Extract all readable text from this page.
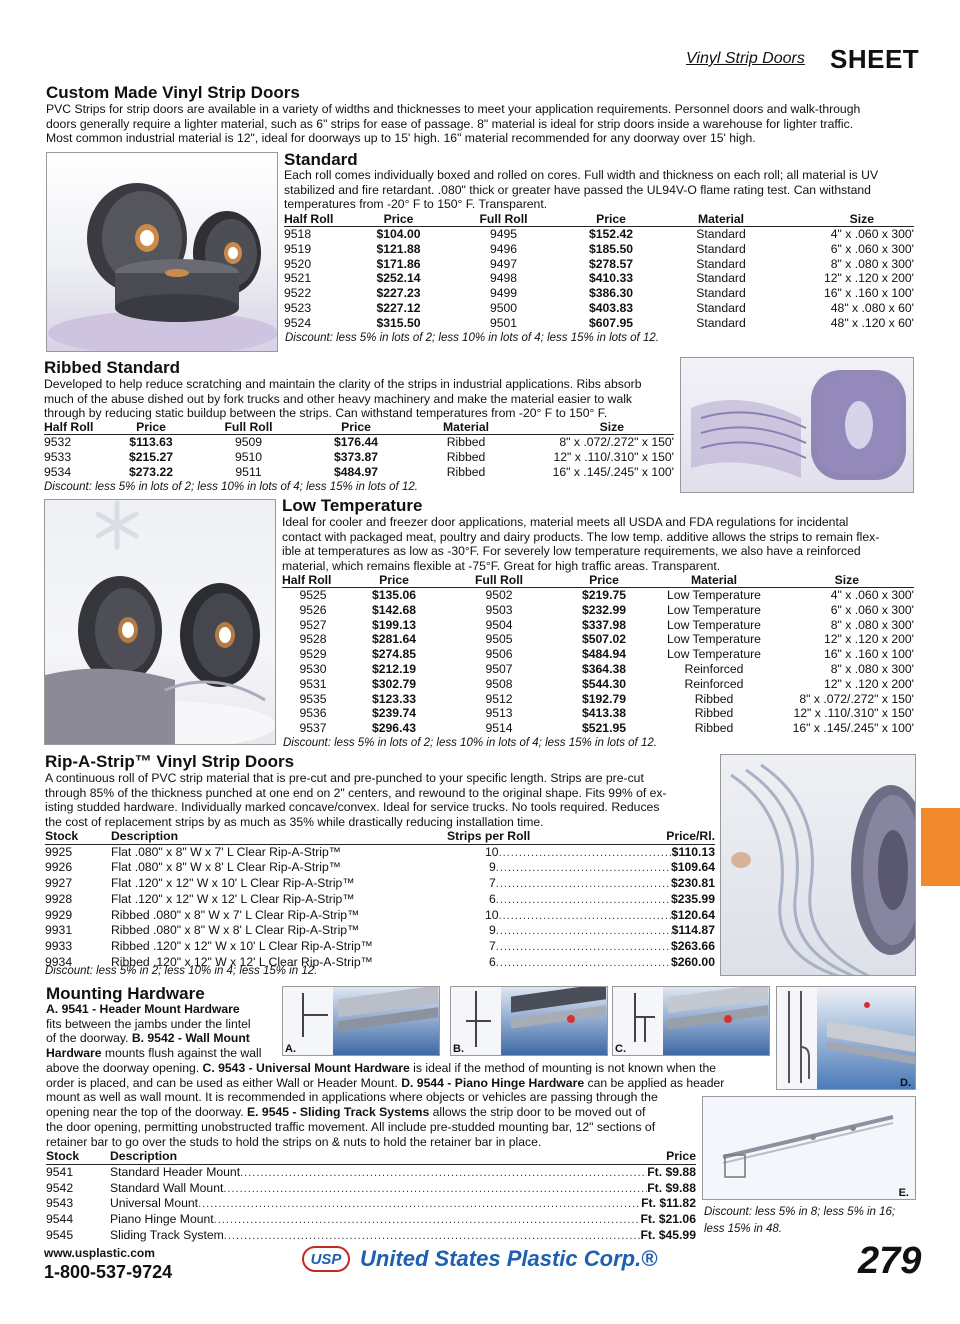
Vinyl Strip Doors SHEET
Custom Made Vinyl Strip Doors
PVC Strips for strip doors are available in a variety of widths and thicknesses to meet your application requirements. Personnel doors and walk-through
doors generally require a lighter material, such as 6" strips for ease of passage. 8" material is ideal for strip doors inside a warehouse for lighter traffic.
Most common industrial material is 12", ideal for doorways up to 15' high. 16" material recommended for any doorway over 15' high.
Standard
Each roll comes individually boxed and rolled on cores. Full width and thickness on each roll; all material is UV
stabilized and fire retardant. .080" thick or greater have passed the UL94V-O flame rating test. Can withstand
temperatures from -20° F to 150° F. Transparent.
Half Roll	Price	Full Roll	Price	Material	Size
9518	$104.00	9495	$152.42	Standard	4" x .060 x 300'
9519	$121.88	9496	$185.50	Standard	6" x .060 x 300'
9520	$171.86	9497	$278.57	Standard	8" x .080 x 300'
9521	$252.14	9498	$410.33	Standard	12" x .120 x 200'
9522	$227.23	9499	$386.30	Standard	16" x .160 x 100'
9523	$227.12	9500	$403.83	Standard	48" x .080 x 60'
9524	$315.50	9501	$607.95	Standard	48" x .120 x 60'
Discount: less 5% in lots of 2; less 10% in lots of 4; less 15% in lots of 12.
Ribbed Standard
Developed to help reduce scratching and maintain the clarity of the strips in industrial applications. Ribs absorb
much of the abuse dished out by fork trucks and other heavy machinery and make the material easier to walk
through by reducing static buildup between the strips. Can withstand temperatures from -20° F to 150° F.
Half Roll	Price	Full Roll	Price	Material	Size
9532	$113.63	9509	$176.44	Ribbed	8" x .072/.272" x 150'
9533	$215.27	9510	$373.87	Ribbed	12" x .110/.310" x 150'
9534	$273.22	9511	$484.97	Ribbed	16" x .145/.245" x 100'
Discount: less 5% in lots of 2; less 10% in lots of 4; less 15% in lots of 12.
Low Temperature
Ideal for cooler and freezer door applications, material meets all USDA and FDA regulations for incidental
contact with packaged meat, poultry and dairy products. The low temp. additive allows the strips to remain flex-
ible at temperatures as low as -30°F. For severely low temperature requirements, we also have a reinforced
material, which remains flexible at -75°F. Great for high traffic areas. Transparent.
Half Roll	Price	Full Roll	Price	Material	Size
9525	$135.06	9502	$219.75	Low Temperature	4" x .060 x 300'
9526	$142.68	9503	$232.99	Low Temperature	6" x .060 x 300'
9527	$199.13	9504	$337.98	Low Temperature	8" x .080 x 300'
9528	$281.64	9505	$507.02	Low Temperature	12" x .120 x 200'
9529	$274.85	9506	$484.94	Low Temperature	16" x .160 x 100'
9530	$212.19	9507	$364.38	Reinforced	8" x .080 x 300'
9531	$302.79	9508	$544.30	Reinforced	12" x .120 x 200'
9535	$123.33	9512	$192.79	Ribbed	8" x .072/.272" x 150'
9536	$239.74	9513	$413.38	Ribbed	12" x .110/.310" x 150'
9537	$296.43	9514	$521.95	Ribbed	16" x .145/.245" x 100'
Discount: less 5% in lots of 2; less 10% in lots of 4; less 15% in lots of 12.
Rip-A-Strip™ Vinyl Strip Doors
A continuous roll of PVC strip material that is pre-cut and pre-punched to your specific length. Strips are pre-cut
through 85% of the thickness punched at one end on 2" centers, and rewound to the original shape. Fits 99% of ex-
isting studded hardware. Individually marked concave/convex. Ideal for service trucks. No tools required. Reduces
the cost of replacement strips by as much as 35% while drastically reducing installation time.
Stock	Description	Strips per Roll	Price/Rl.
9925	Flat .080" x 8" W x 7' L Clear Rip-A-Strip™	10 .....	$110.13
9926	Flat .080" x 8" W x 8' L Clear Rip-A-Strip™	9 .....	$109.64
9927	Flat .120" x 12" W x 10' L Clear Rip-A-Strip™	7 .....	$230.81
9928	Flat .120" x 12" W x 12' L Clear Rip-A-Strip™	6 .....	$235.99
9929	Ribbed .080" x 8" W x 7' L Clear Rip-A-Strip™	10 .....	$120.64
9931	Ribbed .080" x 8" W x 8' L Clear Rip-A-Strip™	9 .....	$114.87
9933	Ribbed .120" x 12" W x 10' L Clear Rip-A-Strip™	7 .....	$263.66
9934	Ribbed .120" x 12" W x 12' L Clear Rip-A-Strip™	6 .....	$260.00
Discount: less 5% in 2; less 10% in 4; less 15% in 12.
Mounting Hardware
A. 9541 - Header Mount Hardware
fits between the jambs under the lintel
of the doorway. B. 9542 - Wall Mount
Hardware mounts flush against the wall
above the doorway opening. C. 9543 - Universal Mount Hardware is ideal if the method of mounting is not known when the
order is placed, and can be used as either Wall or Header Mount. D. 9544 - Piano Hinge Hardware can be applied as header
mount as well as wall mount. It is recommended in applications where objects or vehicles are passing through the
opening near the top of the doorway. E. 9545 - Sliding Track Systems allows the strip door to be moved out of
the door opening, permitting unobstructed traffic movement. All include pre-studded mounting bar, 12" sections of
retainer bar to go over the studs to hold the strips on & nuts to hold the retainer bar in place.
A.	B.	C.
D.
E.
Stock	Description	Price
9541	Standard Header Mount .....	Ft. $9.88
9542	Standard Wall Mount .....	Ft. $9.88
9543	Universal Mount .....	Ft. $11.82
9544	Piano Hinge Mount .....	Ft. $21.06
9545	Sliding Track System .....	Ft. $45.99
Discount: less 5% in 8; less 5% in 16;
less 15% in 48.
www.usplastic.com
1-800-537-9724
USP United States Plastic Corp.®	279
